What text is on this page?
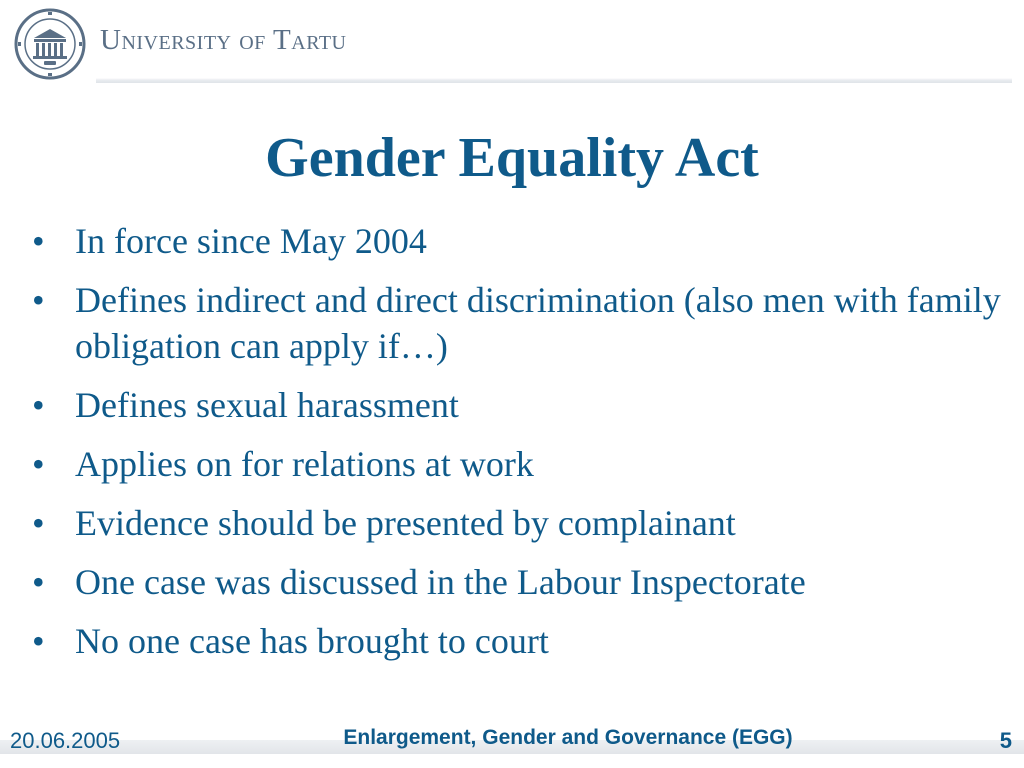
University of Tartu
Gender Equality Act
• In force since May 2004
• Defines indirect and direct discrimination (also men with family obligation can apply if…)
• Defines sexual harassment
• Applies on for relations at work
• Evidence should be presented by complainant
• One case was discussed in the Labour Inspectorate
• No one case has brought to court
20.06.2005	Enlargement, Gender and Governance (EGG)	5
